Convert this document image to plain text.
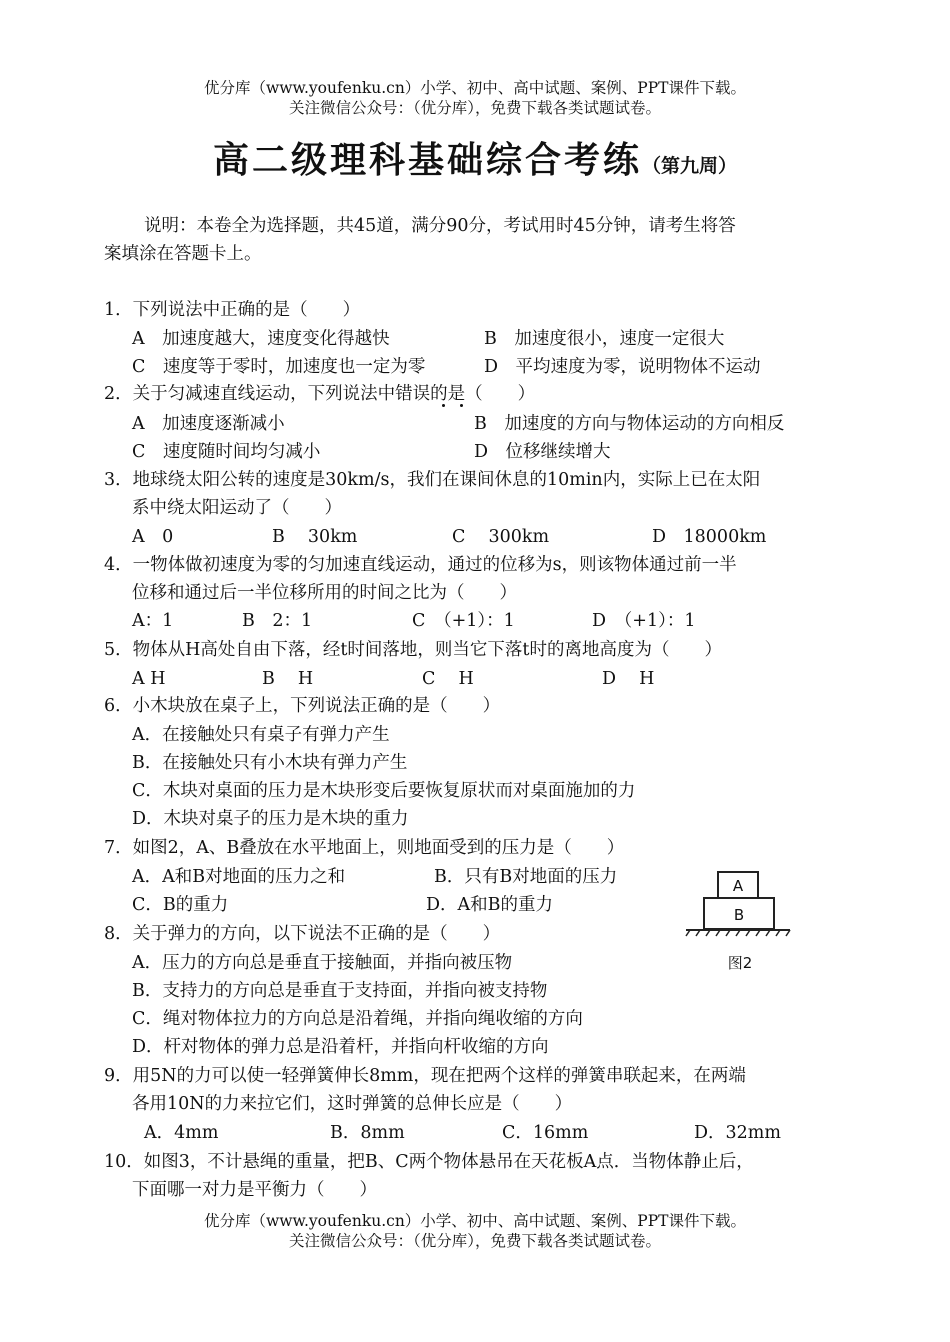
优分库（www.youfenku.cn）小学、初中、高中试题、案例、PPT课件下载。
关注微信公众号：（优分库），免费下载各类试题试卷。
高二级理科基础综合考练（第九周）
说明：本卷全为选择题，共45道，满分90分，考试用时45分钟，请考生将答
案填涂在答题卡上。
1．下列说法中正确的是（　　）
A　加速度越大，速度变化得越快	B　加速度很小，速度一定很大
C　速度等于零时，加速度也一定为零	D　平均速度为零，说明物体不运动
2．关于匀减速直线运动，下列说法中错误的是（　　）
A　加速度逐渐减小	B　加速度的方向与物体运动的方向相反
C　速度随时间均匀减小	D　位移继续增大
3．地球绕太阳公转的速度是30km/s，我们在课间休息的10min内，实际上已在太阳
系中绕太阳运动了（　　）
A　0	B　 30km	C　 300km	D　18000km
4．一物体做初速度为零的匀加速直线运动，通过的位移为s，则该物体通过前一半
位移和通过后一半位移所用的时间之比为（　　）
A：1	B　2：1	C　（+1）：1	D　（+1）：1
5．物体从H高处自由下落，经t时间落地，则当它下落t时的离地高度为（　　）
A H	B　 H	C　 H	D　 H
6．小木块放在桌子上，下列说法正确的是（　　）
A．在接触处只有桌子有弹力产生
B．在接触处只有小木块有弹力产生
C．木块对桌面的压力是木块形变后要恢复原状而对桌面施加的力
D．木块对桌子的压力是木块的重力
7．如图2，A、B叠放在水平地面上，则地面受到的压力是（　　）
A．A和B对地面的压力之和	B．只有B对地面的压力
C．B的重力	D．A和B的重力
A
B
图2
8．关于弹力的方向，以下说法不正确的是（　　）
A．压力的方向总是垂直于接触面，并指向被压物
B．支持力的方向总是垂直于支持面，并指向被支持物
C．绳对物体拉力的方向总是沿着绳，并指向绳收缩的方向
D．杆对物体的弹力总是沿着杆，并指向杆收缩的方向
9．用5N的力可以使一轻弹簧伸长8mm，现在把两个这样的弹簧串联起来，在两端
各用10N的力来拉它们，这时弹簧的总伸长应是（　　）
A．4mm	B．8mm	C．16mm	D．32mm
10．如图3，不计悬绳的重量，把B、C两个物体悬吊在天花板A点．当物体静止后，
下面哪一对力是平衡力（　　）
优分库（www.youfenku.cn）小学、初中、高中试题、案例、PPT课件下载。
关注微信公众号：（优分库），免费下载各类试题试卷。
